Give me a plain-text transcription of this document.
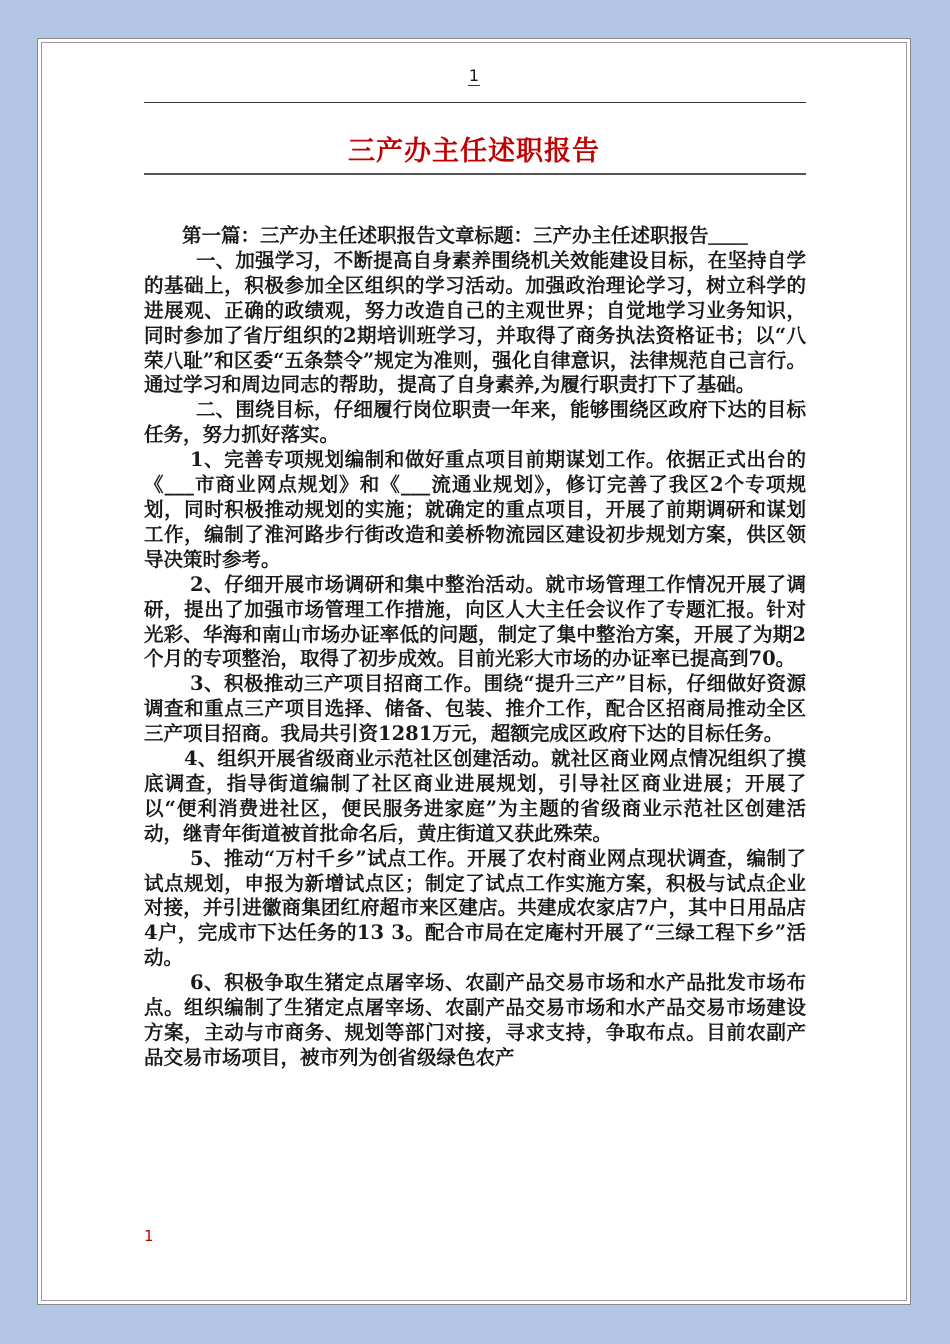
1
三产办主任述职报告

第一篇：三产办主任述职报告文章标题：三产办主任述职报告＿＿

一、加强学习，不断提高自身素养围绕机关效能建设目标，在坚持自学的基础上，积极参加全区组织的学习活动。加强政治理论学习，树立科学的进展观、正确的政绩观，努力改造自己的主观世界；自觉地学习业务知识，同时参加了省厅组织的2期培训班学习，并取得了商务执法资格证书；以“八荣八耻”和区委“五条禁令”规定为准则，强化自律意识，法律规范自己言行。通过学习和周边同志的帮助，提高了自身素养,为履行职责打下了基础。

二、围绕目标，仔细履行岗位职责一年来，能够围绕区政府下达的目标任务，努力抓好落实。

1、完善专项规划编制和做好重点项目前期谋划工作。依据正式出台的《___市商业网点规划》和《___流通业规划》，修订完善了我区2个专项规划，同时积极推动规划的实施；就确定的重点项目，开展了前期调研和谋划工作，编制了淮河路步行街改造和姜桥物流园区建设初步规划方案，供区领导决策时参考。

2、仔细开展市场调研和集中整治活动。就市场管理工作情况开展了调研，提出了加强市场管理工作措施，向区人大主任会议作了专题汇报。针对光彩、华海和南山市场办证率低的问题，制定了集中整治方案，开展了为期2个月的专项整治，取得了初步成效。目前光彩大市场的办证率已提高到70。

3、积极推动三产项目招商工作。围绕“提升三产”目标，仔细做好资源调查和重点三产项目选择、储备、包装、推介工作，配合区招商局推动全区三产项目招商。我局共引资1281万元，超额完成区政府下达的目标任务。

4、组织开展省级商业示范社区创建活动。就社区商业网点情况组织了摸底调查，指导街道编制了社区商业进展规划，引导社区商业进展；开展了以“便利消费进社区，便民服务进家庭”为主题的省级商业示范社区创建活动，继青年街道被首批命名后，黄庄街道又获此殊荣。

5、推动“万村千乡”试点工作。开展了农村商业网点现状调查，编制了试点规划，申报为新增试点区；制定了试点工作实施方案，积极与试点企业对接，并引进徽商集团红府超市来区建店。共建成农家店7户，其中日用品店4户，完成市下达任务的13 3。配合市局在定庵村开展了“三绿工程下乡”活动。

6、积极争取生猪定点屠宰场、农副产品交易市场和水产品批发市场布点。组织编制了生猪定点屠宰场、农副产品交易市场和水产品交易市场建设方案，主动与市商务、规划等部门对接，寻求支持，争取布点。目前农副产品交易市场项目，被市列为创省级绿色农产

1
